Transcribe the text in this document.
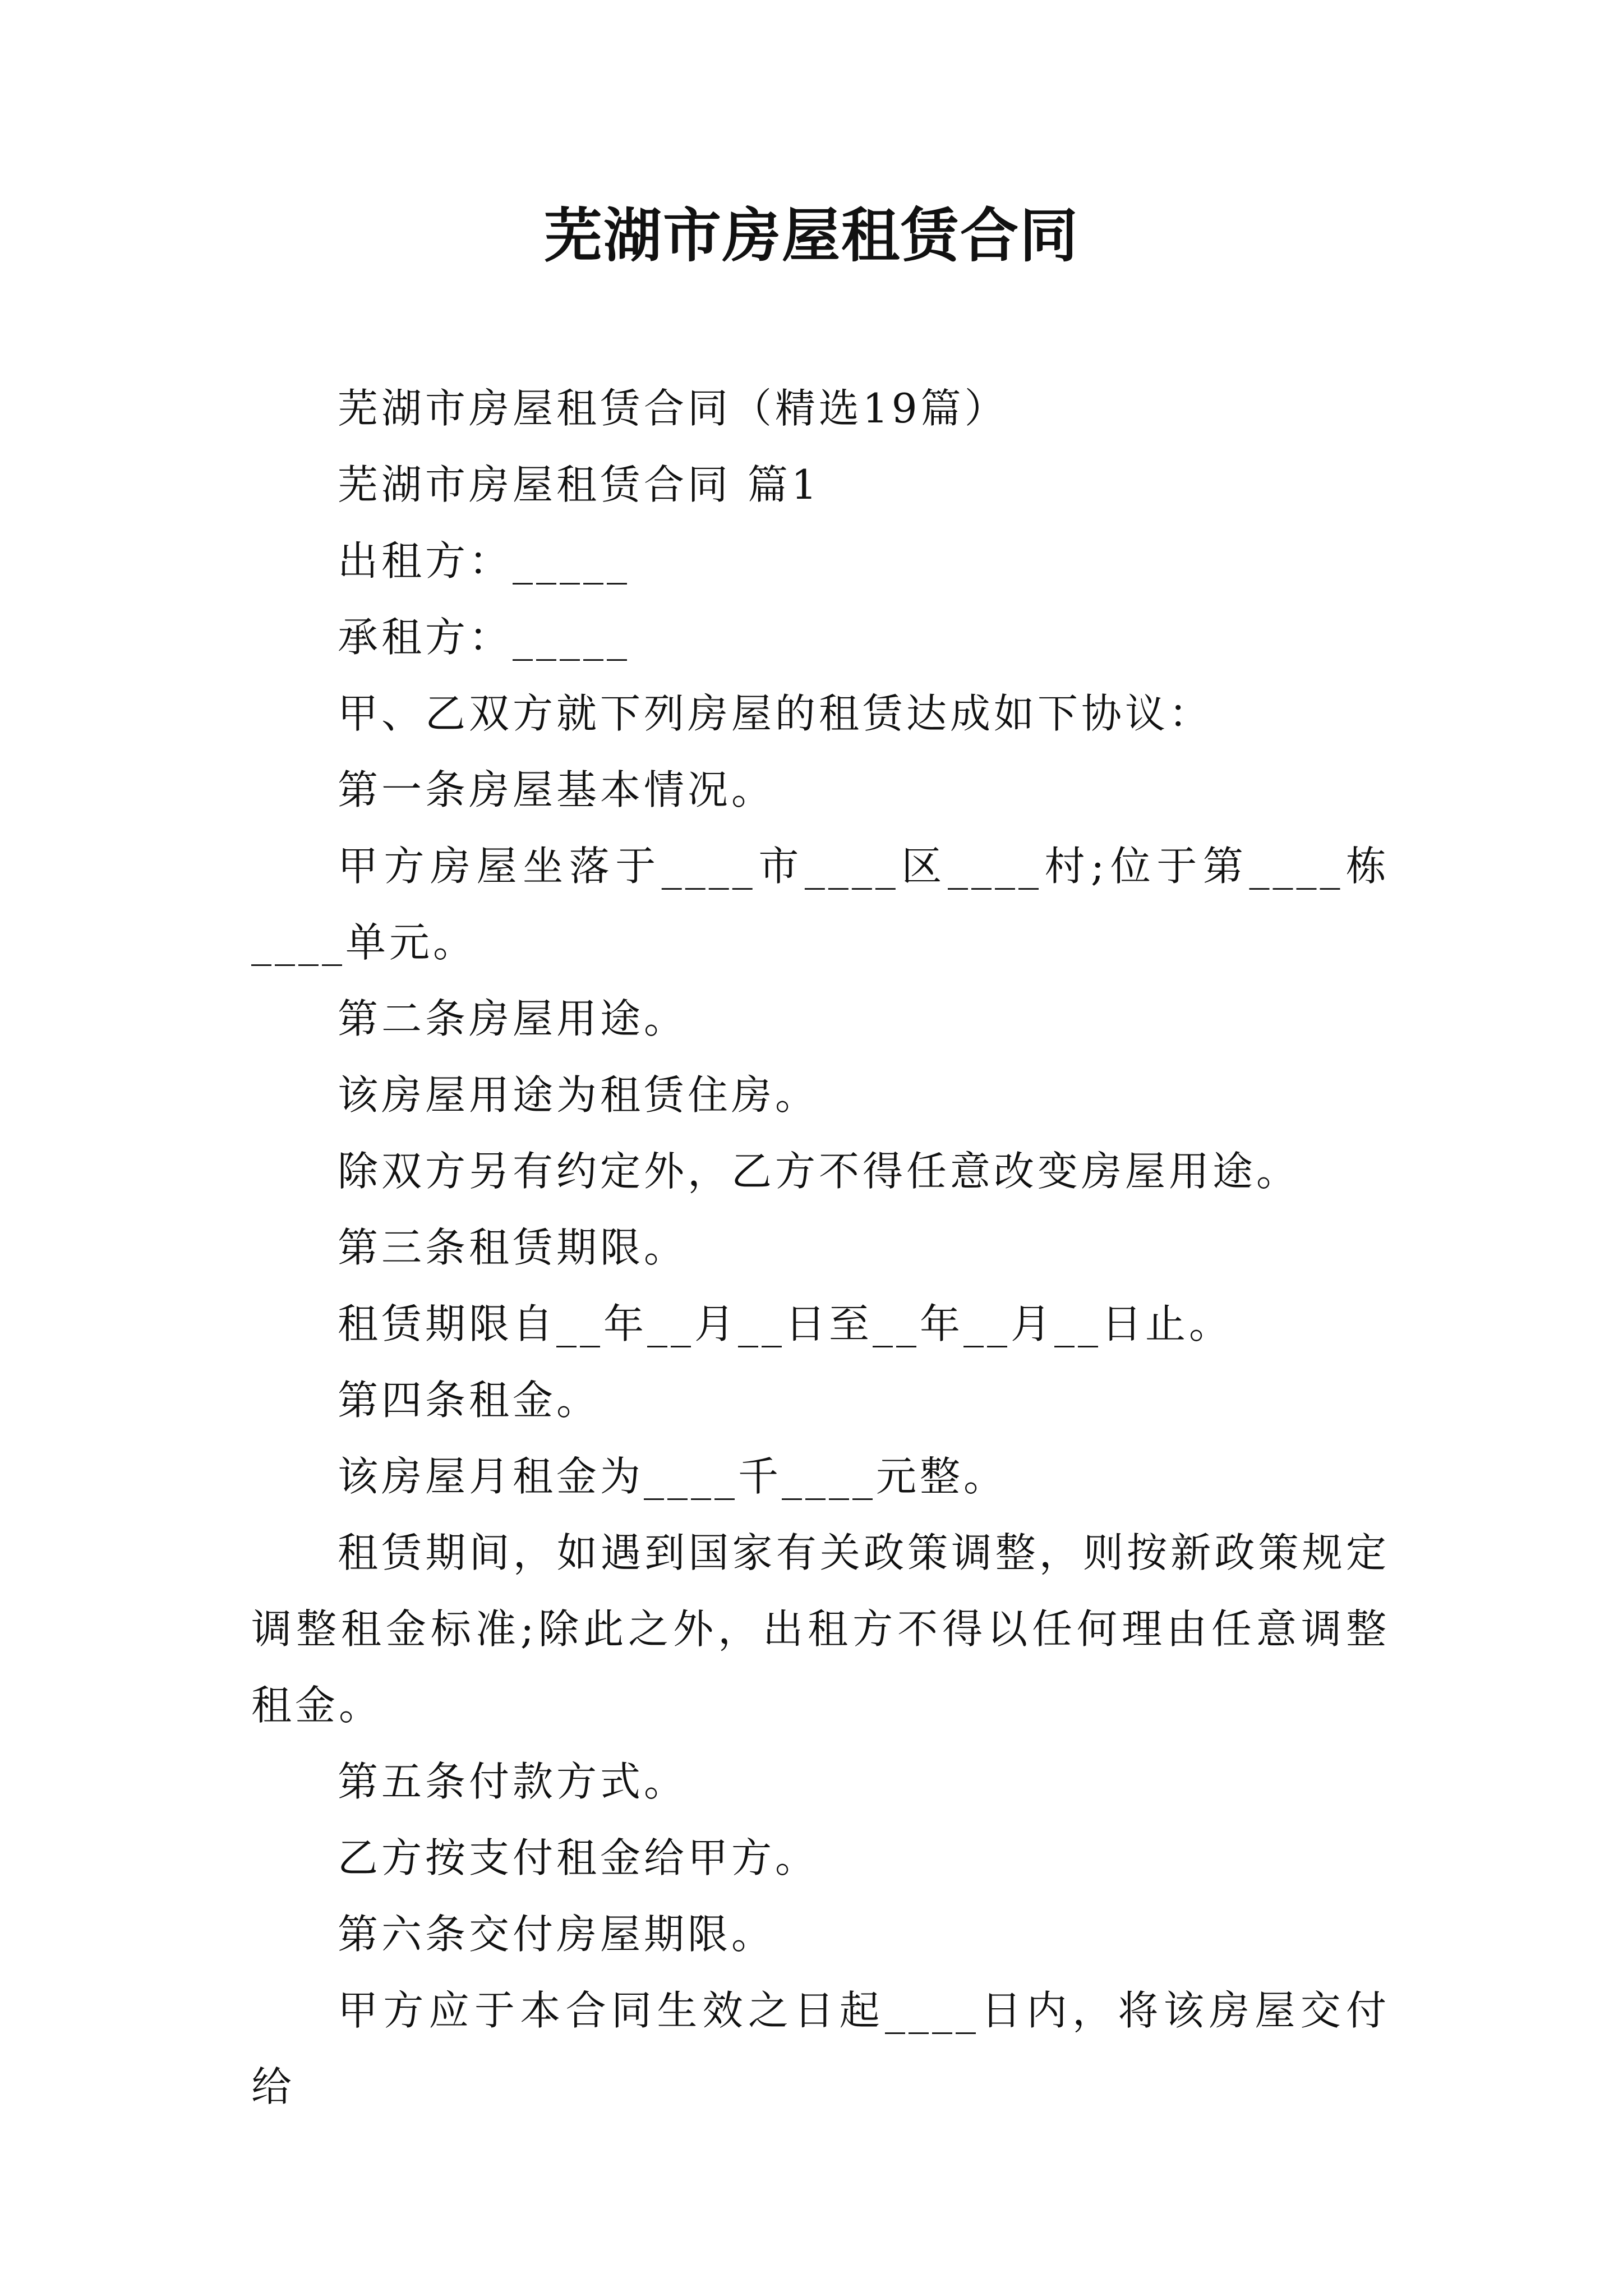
芜湖市房屋租赁合同

芜湖市房屋租赁合同（精选19篇）

芜湖市房屋租赁合同 篇1

出租方：_____

承租方：_____

甲、乙双方就下列房屋的租赁达成如下协议：

第一条房屋基本情况。

甲方房屋坐落于____市____区____村;位于第____栋____单元。

第二条房屋用途。

该房屋用途为租赁住房。

除双方另有约定外，乙方不得任意改变房屋用途。

第三条租赁期限。

租赁期限自__年__月__日至__年__月__日止。

第四条租金。

该房屋月租金为____千____元整。

租赁期间，如遇到国家有关政策调整，则按新政策规定调整租金标准;除此之外，出租方不得以任何理由任意调整租金。

第五条付款方式。

乙方按支付租金给甲方。

第六条交付房屋期限。

甲方应于本合同生效之日起____日内，将该房屋交付给
